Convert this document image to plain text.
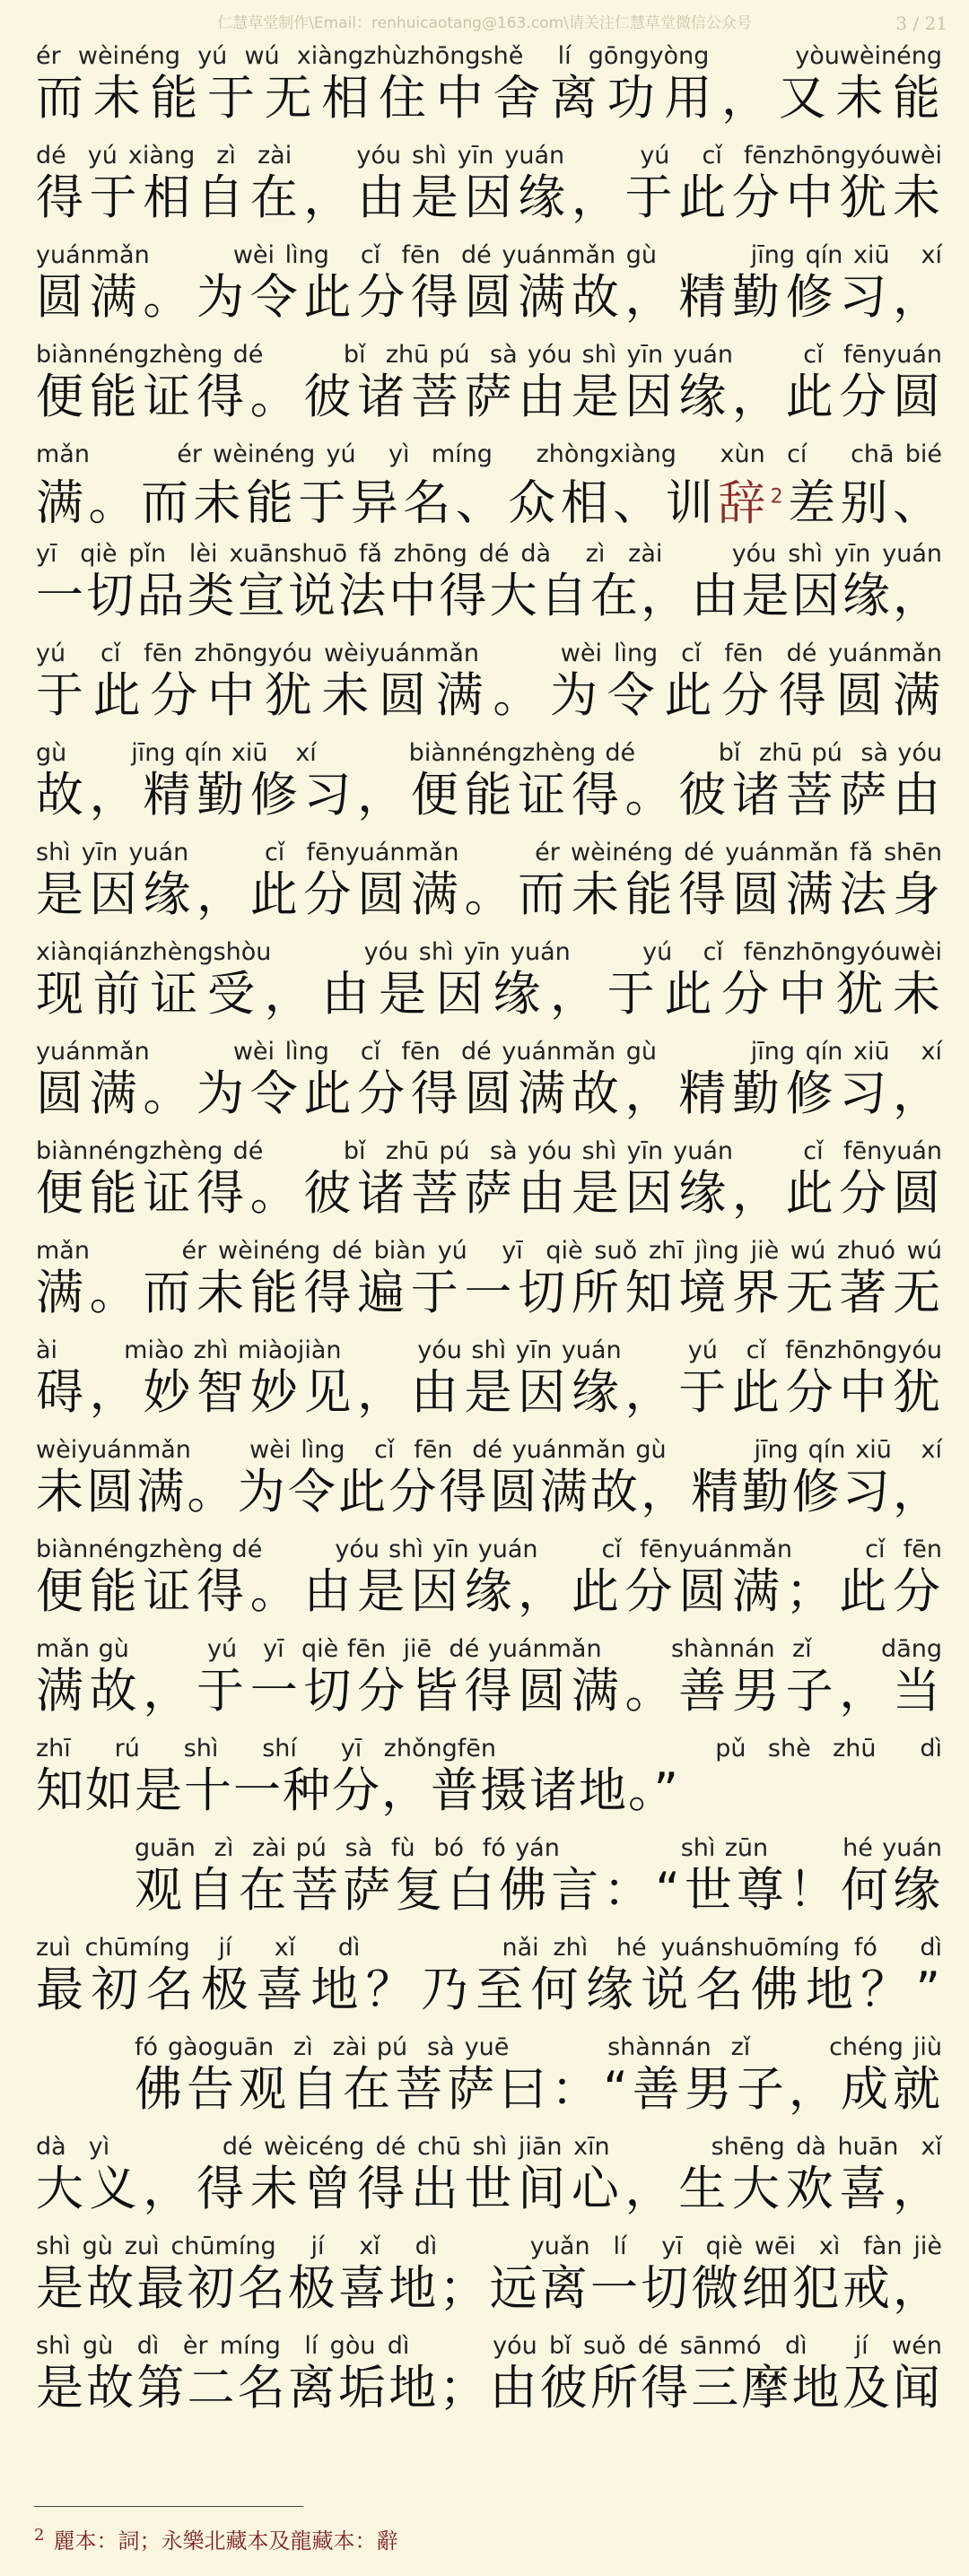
仁慧草堂制作\Email：renhuicaotang@163.com\请关注仁慧草堂微信公众号	3 / 21
ér wèinéng yú wú xiàngzhùzhōngshě  lí gōngyòng     yòuwèinéng
而未能于无相住中舍离功用，又未能
dé  yú xiàng  zì  zài      yóu shì yīn yuán       yú   cǐ  fēnzhōngyóuwèi
得于相自在，由是因缘，于此分中犹未
yuánmǎn        wèi lìng   cǐ  fēn  dé yuánmǎn gù         jīng qín xiū   xí
圆满。为令此分得圆满故，精勤修习，
biànnéngzhèng dé        bǐ  zhū pú  sà yóu shì yīn yuán       cǐ  fēnyuán
便能证得。彼诸菩萨由是因缘，此分圆
mǎn        ér wèinéng yú   yì  míng    zhòngxiàng    xùn  cí    chā bié
满。而未能于异名、众相、训辞$^2$差别、
yī  qiè pǐn  lèi xuānshuō fǎ zhōng dé dà   zì  zài      yóu shì yīn yuán
一切品类宣说法中得大自在，由是因缘，
yú   cǐ  fēn zhōngyóu wèiyuánmǎn       wèi lìng  cǐ  fēn  dé yuánmǎn
于此分中犹未圆满。为令此分得圆满
gù       jīng qín xiū   xí          biànnéngzhèng dé         bǐ  zhū pú  sà yóu
故，精勤修习，便能证得。彼诸菩萨由
shì yīn yuán       cǐ  fēnyuánmǎn       ér wèinéng dé yuánmǎn fǎ shēn
是因缘，此分圆满。而未能得圆满法身
xiànqiánzhèngshòu         yóu shì yīn yuán       yú   cǐ  fēnzhōngyóuwèi
现前证受，由是因缘，于此分中犹未
yuánmǎn        wèi lìng   cǐ  fēn  dé yuánmǎn gù         jīng qín xiū   xí
圆满。为令此分得圆满故，精勤修习，
biànnéngzhèng dé        bǐ  zhū pú  sà yóu shì yīn yuán       cǐ  fēnyuán
便能证得。彼诸菩萨由是因缘，此分圆
mǎn        ér wèinéng dé biàn yú   yī  qiè suǒ zhī jìng jiè wú zhuó wú
满。而未能得遍于一切所知境界无著无
ài       miào zhì miàojiàn        yóu shì yīn yuán       yú   cǐ  fēnzhōngyóu
碍，妙智妙见，由是因缘，于此分中犹
wèiyuánmǎn      wèi lìng   cǐ  fēn  dé yuánmǎn gù         jīng qín xiū   xí
未圆满。为令此分得圆满故，精勤修习，
biànnéngzhèng dé        yóu shì yīn yuán       cǐ  fēnyuánmǎn        cǐ  fēn
便能证得。由是因缘，此分圆满；此分
mǎn gù         yú   yī  qiè fēn  jiē  dé yuánmǎn        shànnán  zǐ        dāng
满故，于一切分皆得圆满。善男子，当
zhī  rú  shì  shí  yī zhǒngfēn          pǔ shè zhū  dì
知如是十一种分，普摄诸地。”
guān  zì  zài pú  sà  fù  bó  fó yán             shì zūn        hé yuán
观自在菩萨复白佛言：“世尊！何缘
zuì chūmíng  jí   xǐ   dì          nǎi zhì  hé yuánshuōmíng fó   dì
最初名极喜地？乃至何缘说名佛地？”
fó gàoguān  zì  zài pú  sà yuē          shànnán  zǐ        chéng jiù
佛告观自在菩萨曰：“善男子，成就
dà  yì          dé wèicéng dé chū shì jiān xīn         shēng dà huān  xǐ
大义，得未曾得出世间心，生大欢喜，
shì gù zuì chūmíng   jí   xǐ   dì        yuǎn  lí   yī  qiè wēi  xì  fàn jiè
是故最初名极喜地；远离一切微细犯戒，
shì gù  dì  èr míng  lí gòu dì       yóu bǐ suǒ dé sānmó  dì    jí  wén
是故第二名离垢地；由彼所得三摩地及闻
$^2$ 麗本：詞；永樂北藏本及龍藏本：辭
